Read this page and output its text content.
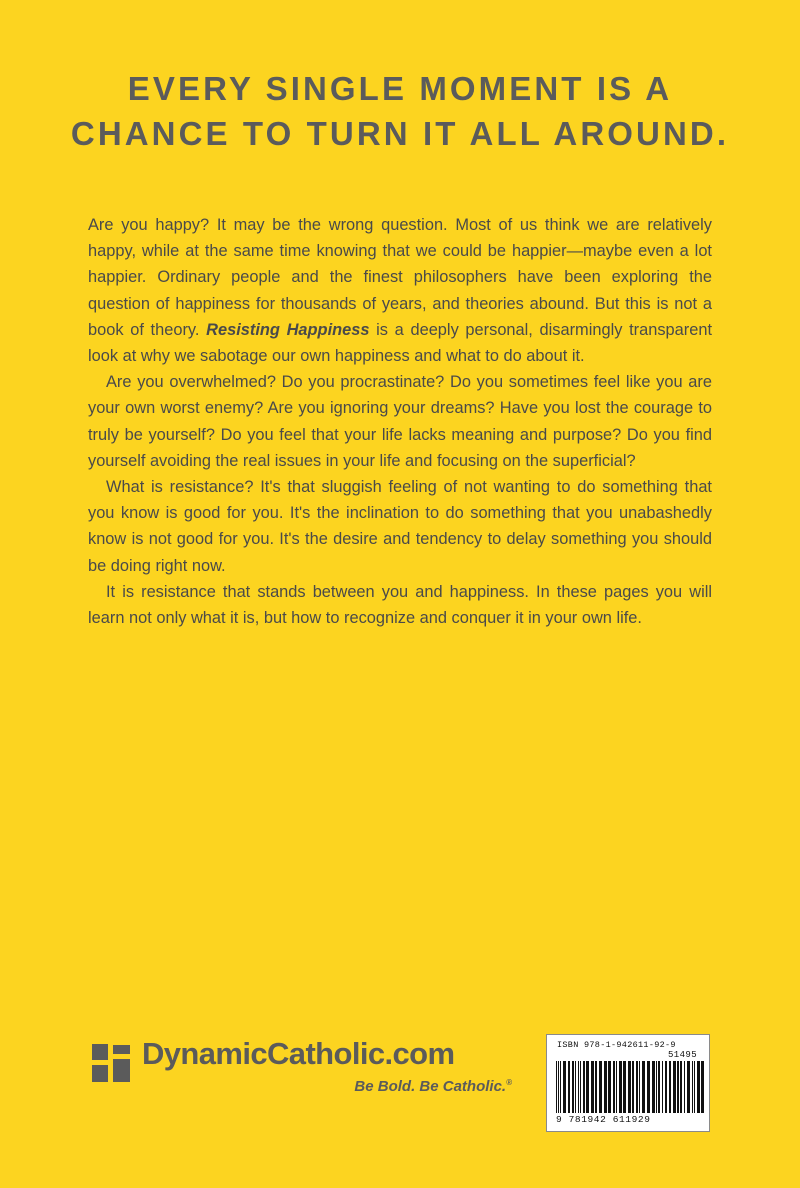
EVERY SINGLE MOMENT IS A
CHANCE TO TURN IT ALL AROUND.

Are you happy? It may be the wrong question. Most of us think we are relatively happy, while at the same time knowing that we could be happier—maybe even a lot happier. Ordinary people and the finest philosophers have been exploring the question of happiness for thousands of years, and theories abound. But this is not a book of theory. Resisting Happiness is a deeply personal, disarmingly transparent look at why we sabotage our own happiness and what to do about it.

Are you overwhelmed? Do you procrastinate? Do you sometimes feel like you are your own worst enemy? Are you ignoring your dreams? Have you lost the courage to truly be yourself? Do you feel that your life lacks meaning and purpose? Do you find yourself avoiding the real issues in your life and focusing on the superficial?

What is resistance? It's that sluggish feeling of not wanting to do something that you know is good for you. It's the inclination to do something that you unabashedly know is not good for you. It's the desire and tendency to delay something you should be doing right now.

It is resistance that stands between you and happiness. In these pages you will learn not only what it is, but how to recognize and conquer it in your own life.

DynamicCatholic.com
Be Bold. Be Catholic.®
ISBN 978-1-942611-92-9
51495
9 781942 611929
